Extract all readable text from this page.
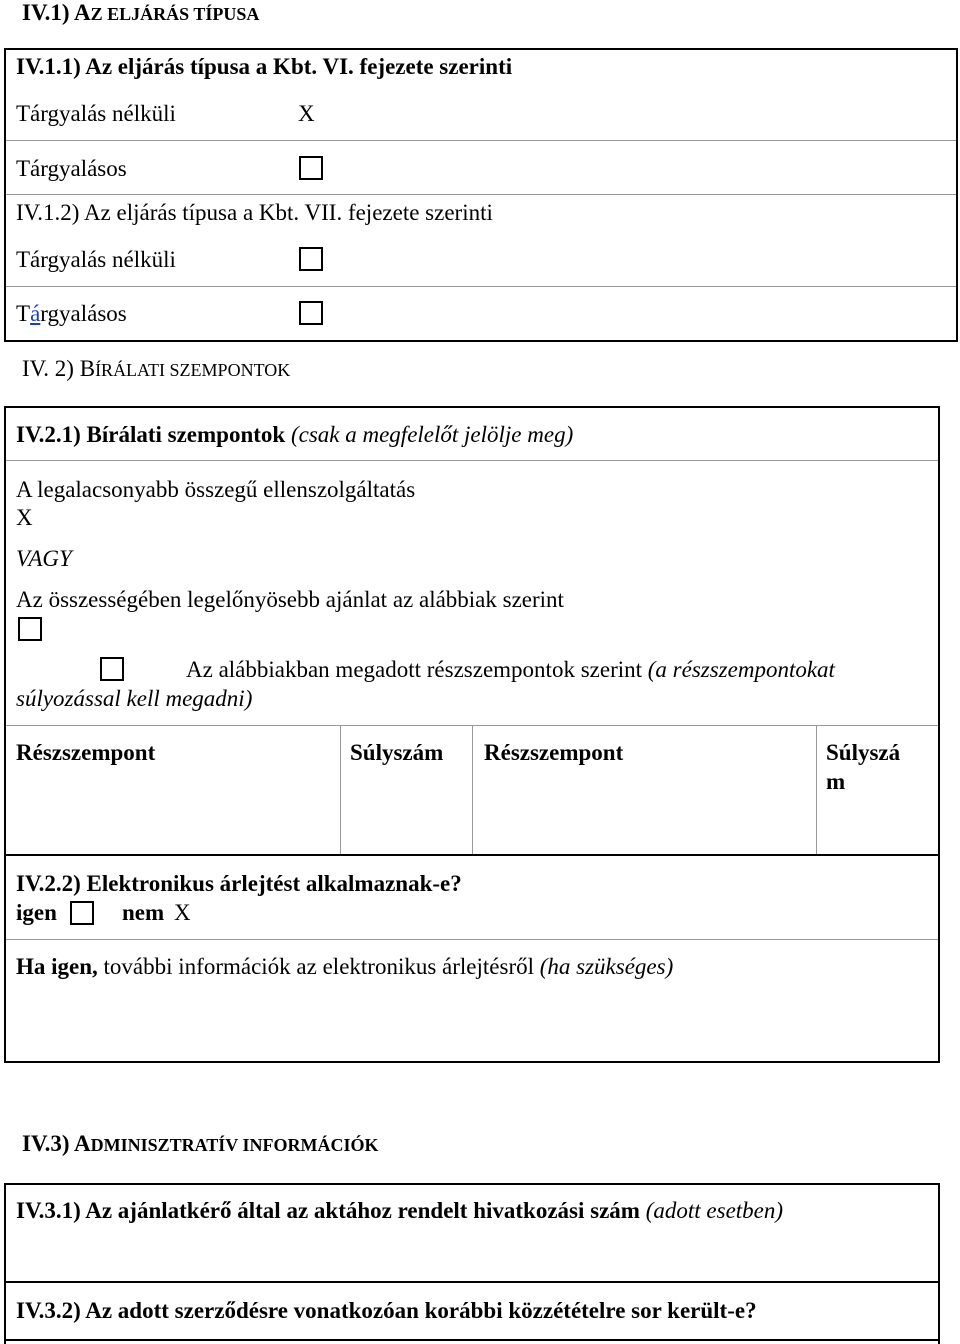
IV.1) AZ ELJÁRÁS TÍPUSA
IV.1.1) Az eljárás típusa a Kbt. VI. fejezete szerinti
Tárgyalás nélküli	X
Tárgyalásos
IV.1.2) Az eljárás típusa a Kbt. VII. fejezete szerinti
Tárgyalás nélküli
Tárgyalásos
IV. 2) BÍRÁLATI SZEMPONTOK
IV.2.1) Bírálati szempontok (csak a megfelelőt jelölje meg)
A legalacsonyabb összegű ellenszolgáltatás
X
VAGY
Az összességében legelőnyösebb ajánlat az alábbiak szerint
Az alábbiakban megadott részszempontok szerint (a részszempontokat
súlyozással kell megadni)
Részszempont	Súlyszám Részszempont	Súlyszá
m
IV.2.2) Elektronikus árlejtést alkalmaznak-e?
igen	nem X
Ha igen, további információk az elektronikus árlejtésről (ha szükséges)
IV.3) ADMINISZTRATÍV INFORMÁCIÓK
IV.3.1) Az ajánlatkérő által az aktához rendelt hivatkozási szám (adott esetben)
IV.3.2) Az adott szerződésre vonatkozóan korábbi közzétételre sor került-e?
